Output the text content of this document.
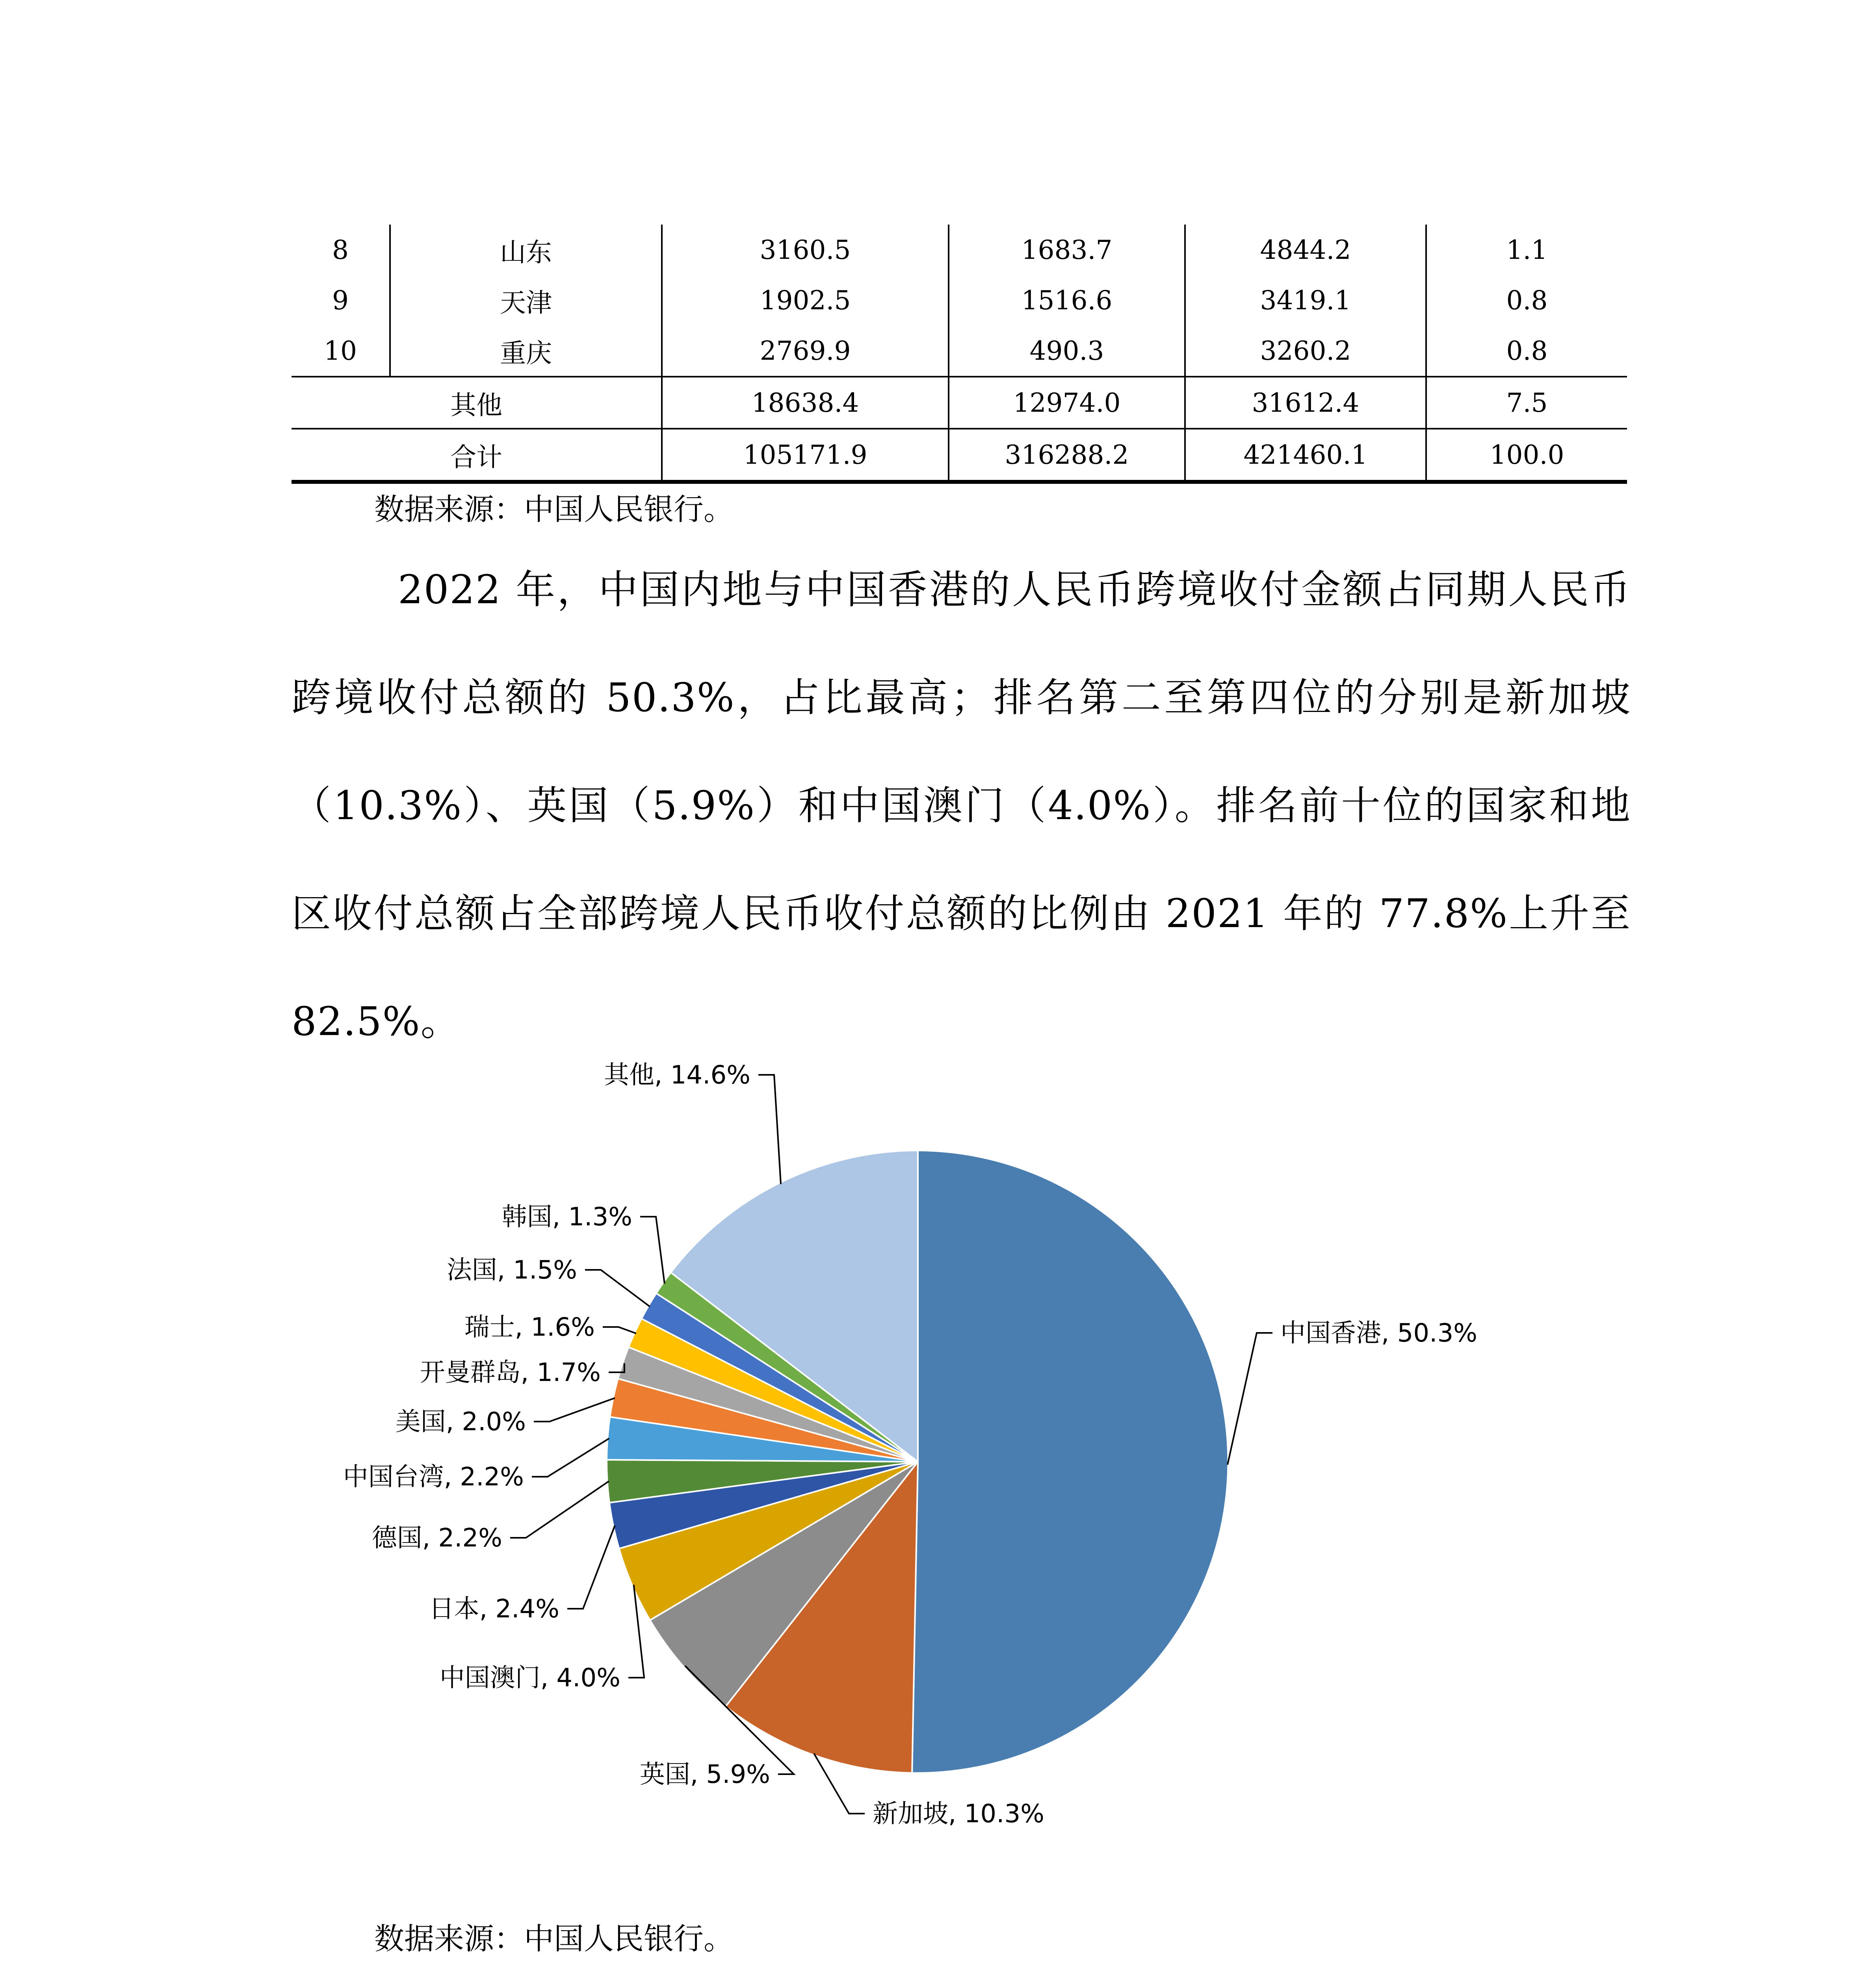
8	山东	3160.5	1683.7	4844.2	1.1
9	天津	1902.5	1516.6	3419.1	0.8
10	重庆	2769.9	490.3	3260.2	0.8
其他		18638.4	12974.0	31612.4	7.5
合计		105171.9	316288.2	421460.1	100.0
数据来源：中国人民银行。
2022 年，中国内地与中国香港的人民币跨境收付金额占同期人民币跨境收付总额的 50.3%，占比最高；排名第二至第四位的分别是新加坡（10.3%）、英国（5.9%）和中国澳门（4.0%）。排名前十位的国家和地区收付总额占全部跨境人民币收付总额的比例由 2021 年的 77.8%上升至 82.5%。
中国香港, 50.3%
新加坡, 10.3%
英国, 5.9%
中国澳门, 4.0%
日本, 2.4%
德国, 2.2%
中国台湾, 2.2%
美国, 2.0%
开曼群岛, 1.7%
瑞士, 1.6%
法国, 1.5%
韩国, 1.3%
其他, 14.6%
数据来源：中国人民银行。
